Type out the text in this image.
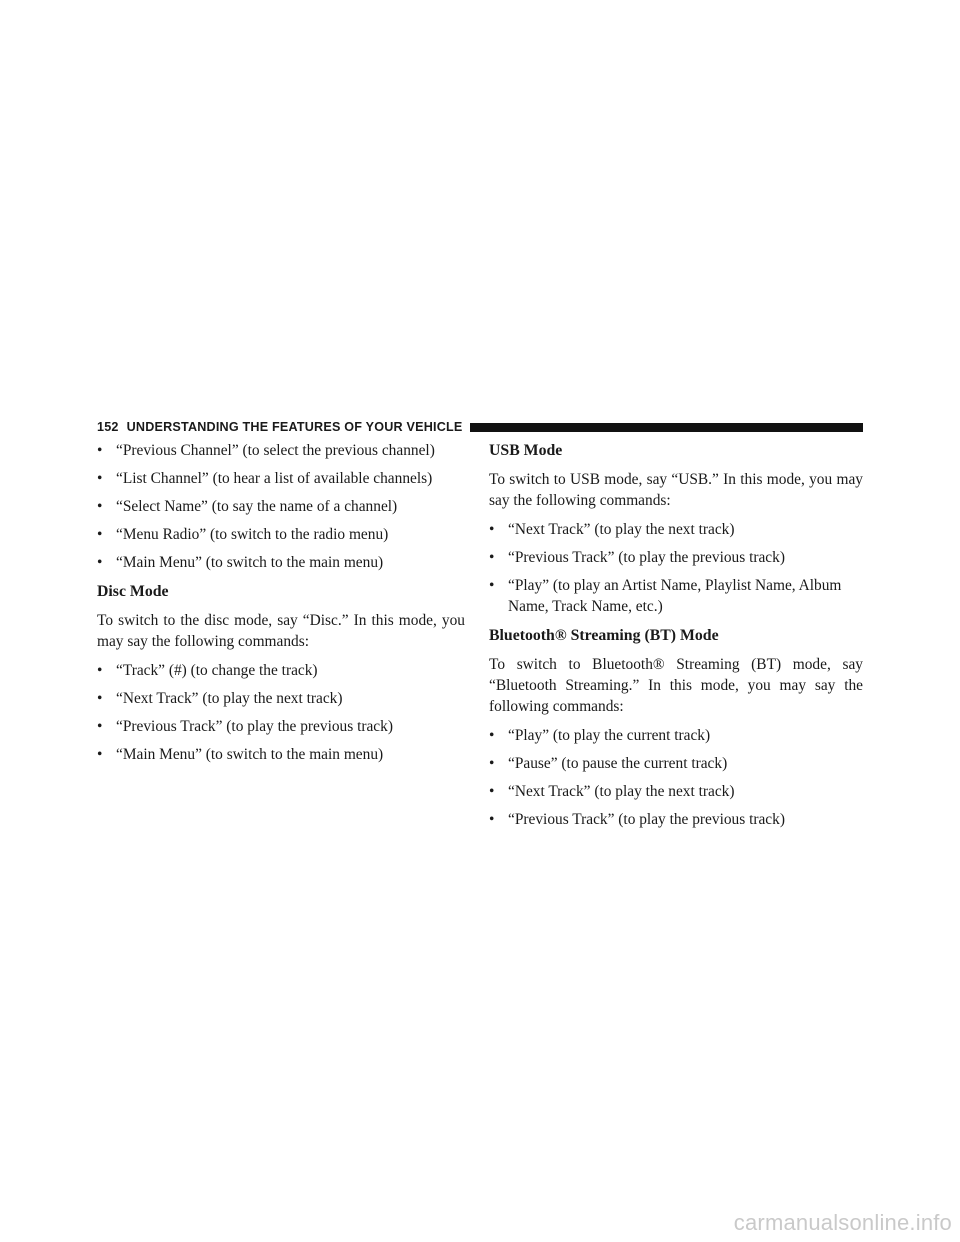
152 UNDERSTANDING THE FEATURES OF YOUR VEHICLE
• “Previous Channel” (to select the previous channel)
• “List Channel” (to hear a list of available channels)
• “Select Name” (to say the name of a channel)
• “Menu Radio” (to switch to the radio menu)
• “Main Menu” (to switch to the main menu)
Disc Mode
To switch to the disc mode, say “Disc.” In this mode, you may say the following commands:
• “Track” (#) (to change the track)
• “Next Track” (to play the next track)
• “Previous Track” (to play the previous track)
• “Main Menu” (to switch to the main menu)
USB Mode
To switch to USB mode, say “USB.” In this mode, you may say the following commands:
• “Next Track” (to play the next track)
• “Previous Track” (to play the previous track)
• “Play” (to play an Artist Name, Playlist Name, Album Name, Track Name, etc.)
Bluetooth® Streaming (BT) Mode
To switch to Bluetooth® Streaming (BT) mode, say “Bluetooth Streaming.” In this mode, you may say the following commands:
• “Play” (to play the current track)
• “Pause” (to pause the current track)
• “Next Track” (to play the next track)
• “Previous Track” (to play the previous track)
carmanualsonline.info
